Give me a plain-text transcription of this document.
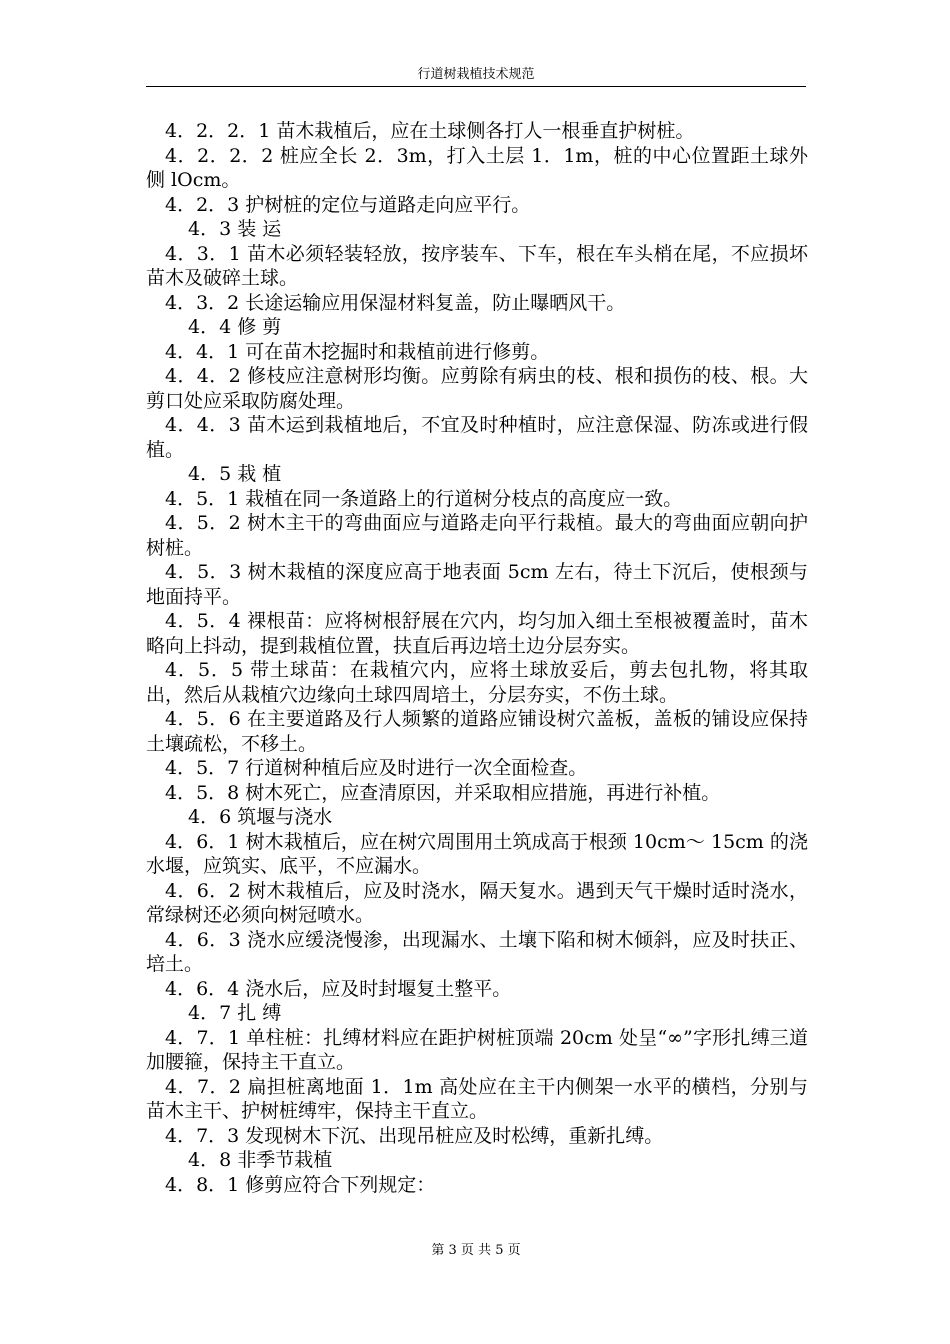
行道树栽植技术规范

4．2．2．1 苗木栽植后，应在土球侧各打人一根垂直护树桩。

4．2．2．2 桩应全长 2．3m，打入土层 1．1m，桩的中心位置距土球外侧 lOcm。

4．2．3 护树桩的定位与道路走向应平行。

4．3 装 运

4．3．1 苗木必须轻装轻放，按序装车、下车，根在车头梢在尾，不应损坏苗木及破碎土球。

4．3．2 长途运输应用保湿材料复盖，防止曝晒风干。

4．4 修 剪

4．4．1 可在苗木挖掘时和栽植前进行修剪。

4．4．2 修枝应注意树形均衡。应剪除有病虫的枝、根和损伤的枝、根。大剪口处应采取防腐处理。

4．4．3 苗木运到栽植地后，不宜及时种植时，应注意保湿、防冻或进行假植。

4．5 栽 植

4．5．1 栽植在同一条道路上的行道树分枝点的高度应一致。

4．5．2 树木主干的弯曲面应与道路走向平行栽植。最大的弯曲面应朝向护树桩。

4．5．3 树木栽植的深度应高于地表面 5cm 左右，待土下沉后，使根颈与地面持平。

4．5．4 裸根苗：应将树根舒展在穴内，均匀加入细土至根被覆盖时，苗木略向上抖动，提到栽植位置，扶直后再边培土边分层夯实。

4．5．5 带土球苗：在栽植穴内，应将土球放妥后，剪去包扎物，将其取出，然后从栽植穴边缘向土球四周培土，分层夯实，不伤土球。

4．5．6 在主要道路及行人频繁的道路应铺设树穴盖板，盖板的铺设应保持土壤疏松，不移土。

4．5．7 行道树种植后应及时进行一次全面检查。

4．5．8 树木死亡，应查清原因，并采取相应措施，再进行补植。

4．6 筑堰与浇水

4．6．1 树木栽植后，应在树穴周围用土筑成高于根颈 10cm～ 15cm 的浇水堰，应筑实、底平，不应漏水。

4．6．2 树木栽植后，应及时浇水，隔天复水。遇到天气干燥时适时浇水，常绿树还必须向树冠喷水。

4．6．3 浇水应缓浇慢渗，出现漏水、土壤下陷和树木倾斜，应及时扶正、培土。

4．6．4 浇水后，应及时封堰复土整平。

4．7 扎 缚

4．7．1 单柱桩：扎缚材料应在距护树桩顶端 20cm 处呈“∞”字形扎缚三道加腰箍，保持主干直立。

4．7．2 扁担桩离地面 1．1m 高处应在主干内侧架一水平的横档，分别与苗木主干、护树桩缚牢，保持主干直立。

4．7．3 发现树木下沉、出现吊桩应及时松缚，重新扎缚。

4．8 非季节栽植

4．8．1 修剪应符合下列规定：

第 3 页 共 5 页
